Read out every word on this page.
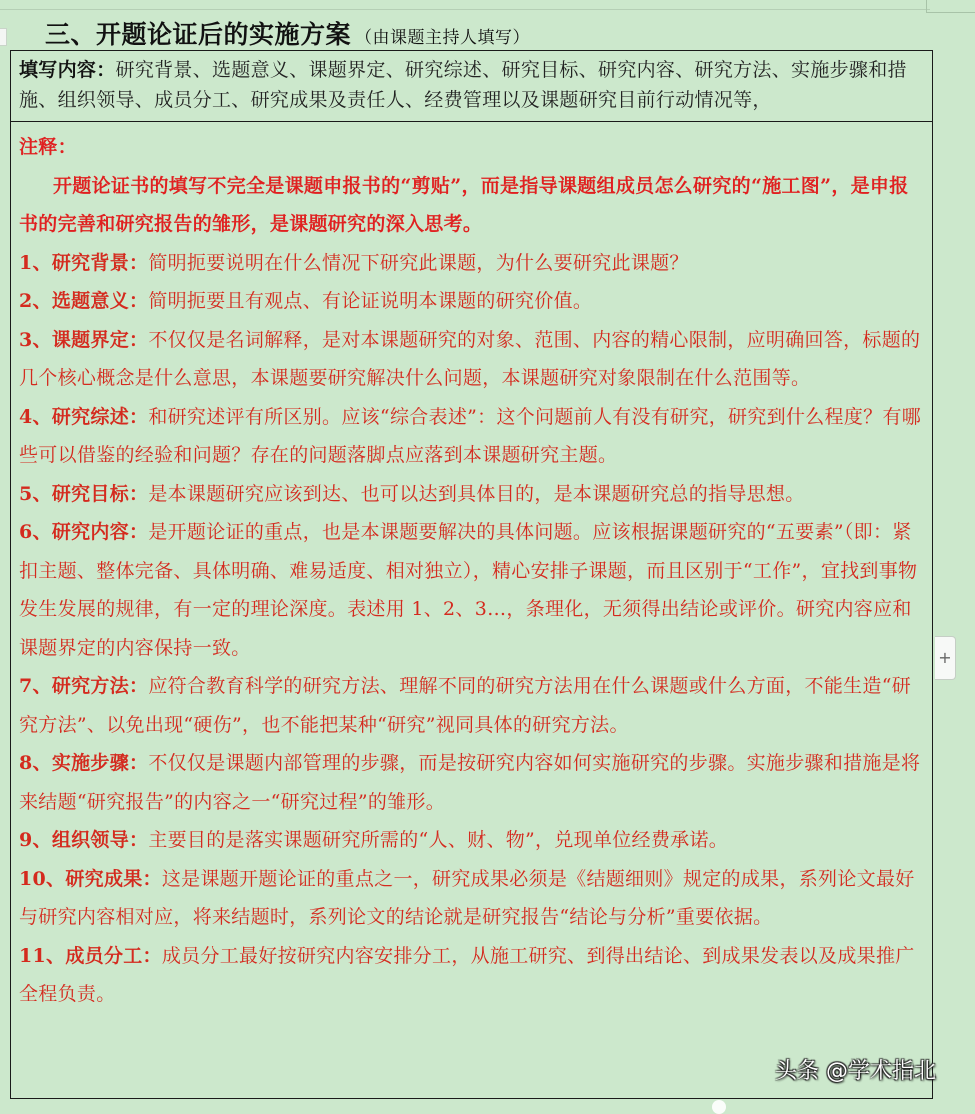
三、开题论证后的实施方案 （由课题主持人填写）
填写内容：研究背景、选题意义、课题界定、研究综述、研究目标、研究内容、研究方法、实施步骤和措施、组织领导、成员分工、研究成果及责任人、经费管理以及课题研究目前行动情况等，
注释：
开题论证书的填写不完全是课题申报书的“剪贴”，而是指导课题组成员怎么研究的“施工图”，是申报书的完善和研究报告的雏形，是课题研究的深入思考。
1、研究背景：简明扼要说明在什么情况下研究此课题，为什么要研究此课题？
2、选题意义：简明扼要且有观点、有论证说明本课题的研究价值。
3、课题界定：不仅仅是名词解释，是对本课题研究的对象、范围、内容的精心限制，应明确回答，标题的几个核心概念是什么意思，本课题要研究解决什么问题，本课题研究对象限制在什么范围等。
4、研究综述：和研究述评有所区别。应该“综合表述”：这个问题前人有没有研究，研究到什么程度？有哪些可以借鉴的经验和问题？存在的问题落脚点应落到本课题研究主题。
5、研究目标：是本课题研究应该到达、也可以达到具体目的，是本课题研究总的指导思想。
6、研究内容：是开题论证的重点，也是本课题要解决的具体问题。应该根据课题研究的“五要素”（即：紧扣主题、整体完备、具体明确、难易适度、相对独立），精心安排子课题，而且区别于“工作”，宜找到事物发生发展的规律，有一定的理论深度。表述用 1、2、3…，条理化，无须得出结论或评价。研究内容应和课题界定的内容保持一致。
7、研究方法：应符合教育科学的研究方法、理解不同的研究方法用在什么课题或什么方面，不能生造“研究方法”、以免出现“硬伤”，也不能把某种“研究”视同具体的研究方法。
8、实施步骤：不仅仅是课题内部管理的步骤，而是按研究内容如何实施研究的步骤。实施步骤和措施是将来结题“研究报告”的内容之一“研究过程”的雏形。
9、组织领导：主要目的是落实课题研究所需的“人、财、物”，兑现单位经费承诺。
10、研究成果：这是课题开题论证的重点之一，研究成果必须是《结题细则》规定的成果，系列论文最好与研究内容相对应，将来结题时，系列论文的结论就是研究报告“结论与分析”重要依据。
11、成员分工：成员分工最好按研究内容安排分工，从施工研究、到得出结论、到成果发表以及成果推广全程负责。
+
头条 @学术指北
